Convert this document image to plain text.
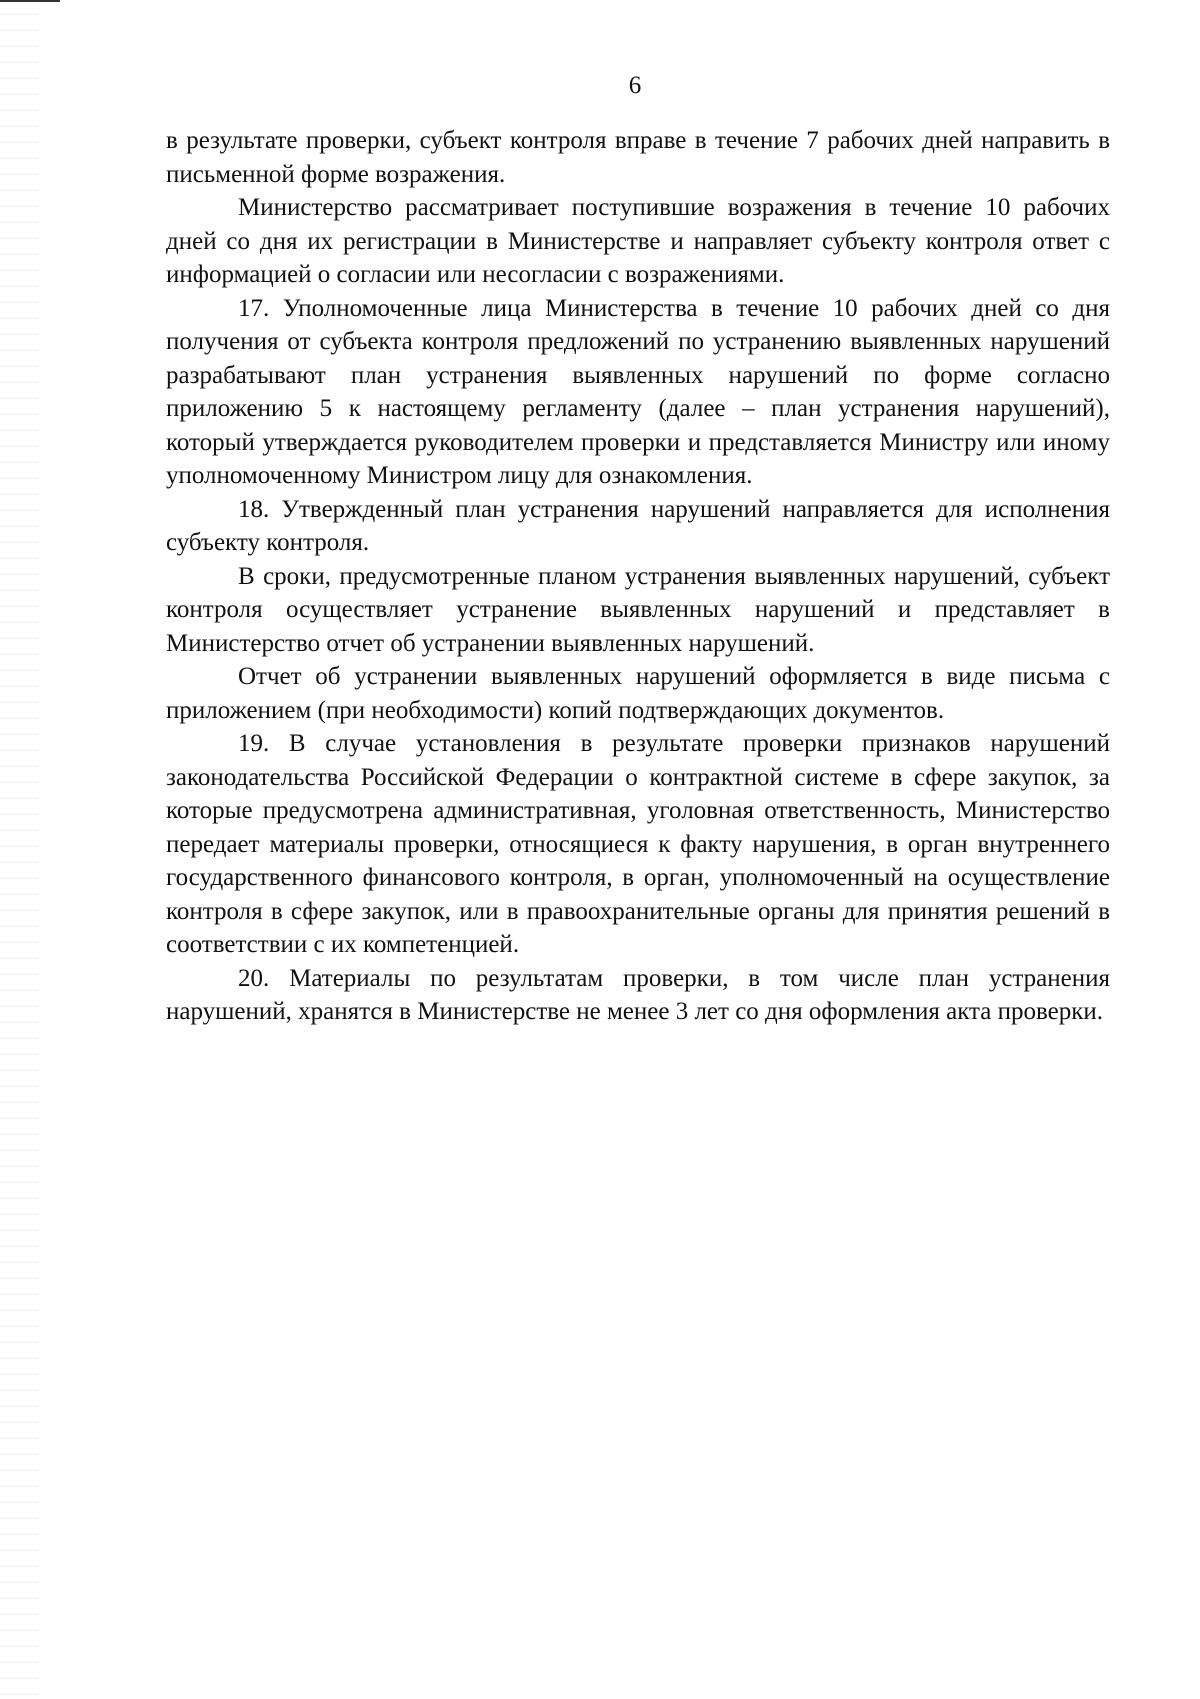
6

в результате проверки, субъект контроля вправе в течение 7 рабочих дней направить в письменной форме возражения.

Министерство рассматривает поступившие возражения в течение 10 рабочих дней со дня их регистрации в Министерстве и направляет субъекту контроля ответ с информацией о согласии или несогласии с возражениями.

17. Уполномоченные лица Министерства в течение 10 рабочих дней со дня получения от субъекта контроля предложений по устранению выявленных нарушений разрабатывают план устранения выявленных нарушений по форме согласно приложению 5 к настоящему регламенту (далее – план устранения нарушений), который утверждается руководителем проверки и представляется Министру или иному уполномоченному Министром лицу для ознакомления.

18. Утвержденный план устранения нарушений направляется для исполнения субъекту контроля.

В сроки, предусмотренные планом устранения выявленных нарушений, субъект контроля осуществляет устранение выявленных нарушений и представляет в Министерство отчет об устранении выявленных нарушений.

Отчет об устранении выявленных нарушений оформляется в виде письма с приложением (при необходимости) копий подтверждающих документов.

19. В случае установления в результате проверки признаков нарушений законодательства Российской Федерации о контрактной системе в сфере закупок, за которые предусмотрена административная, уголовная ответственность, Министерство передает материалы проверки, относящиеся к факту нарушения, в орган внутреннего государственного финансового контроля, в орган, уполномоченный на осуществление контроля в сфере закупок, или в правоохранительные органы для принятия решений в соответствии с их компетенцией.

20. Материалы по результатам проверки, в том числе план устранения нарушений, хранятся в Министерстве не менее 3 лет со дня оформления акта проверки.
